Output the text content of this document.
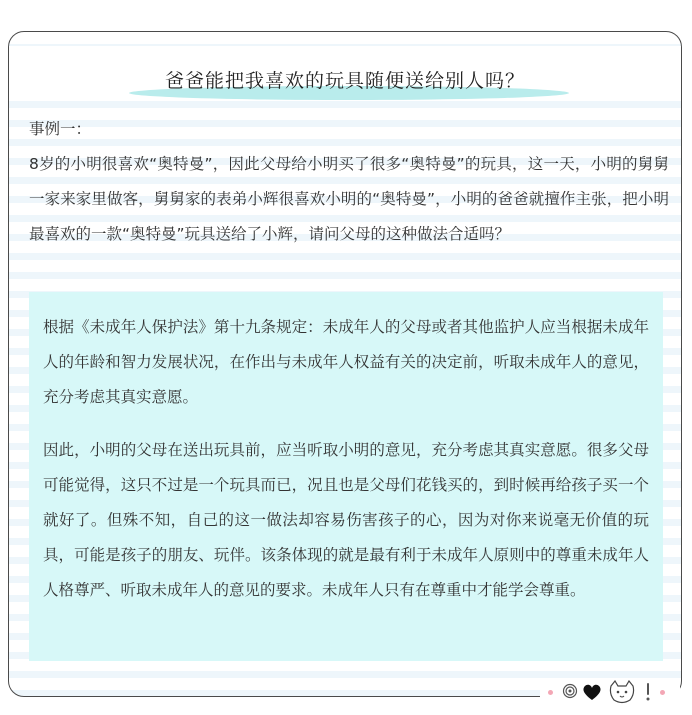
爸爸能把我喜欢的玩具随便送给别人吗？
事例一：
8岁的小明很喜欢“奥特曼”，因此父母给小明买了很多“奥特曼”的玩具，这一天，小明的舅舅一家来家里做客，舅舅家的表弟小辉很喜欢小明的“奥特曼”，小明的爸爸就擅作主张，把小明最喜欢的一款“奥特曼”玩具送给了小辉，请问父母的这种做法合适吗？

根据《未成年人保护法》第十九条规定：未成年人的父母或者其他监护人应当根据未成年人的年龄和智力发展状况，在作出与未成年人权益有关的决定前，听取未成年人的意见，充分考虑其真实意愿。

因此，小明的父母在送出玩具前，应当听取小明的意见，充分考虑其真实意愿。很多父母可能觉得，这只不过是一个玩具而已，况且也是父母们花钱买的，到时候再给孩子买一个就好了。但殊不知，自己的这一做法却容易伤害孩子的心，因为对你来说毫无价值的玩具，可能是孩子的朋友、玩伴。该条体现的就是最有利于未成年人原则中的尊重未成年人人格尊严、听取未成年人的意见的要求。未成年人只有在尊重中才能学会尊重。
